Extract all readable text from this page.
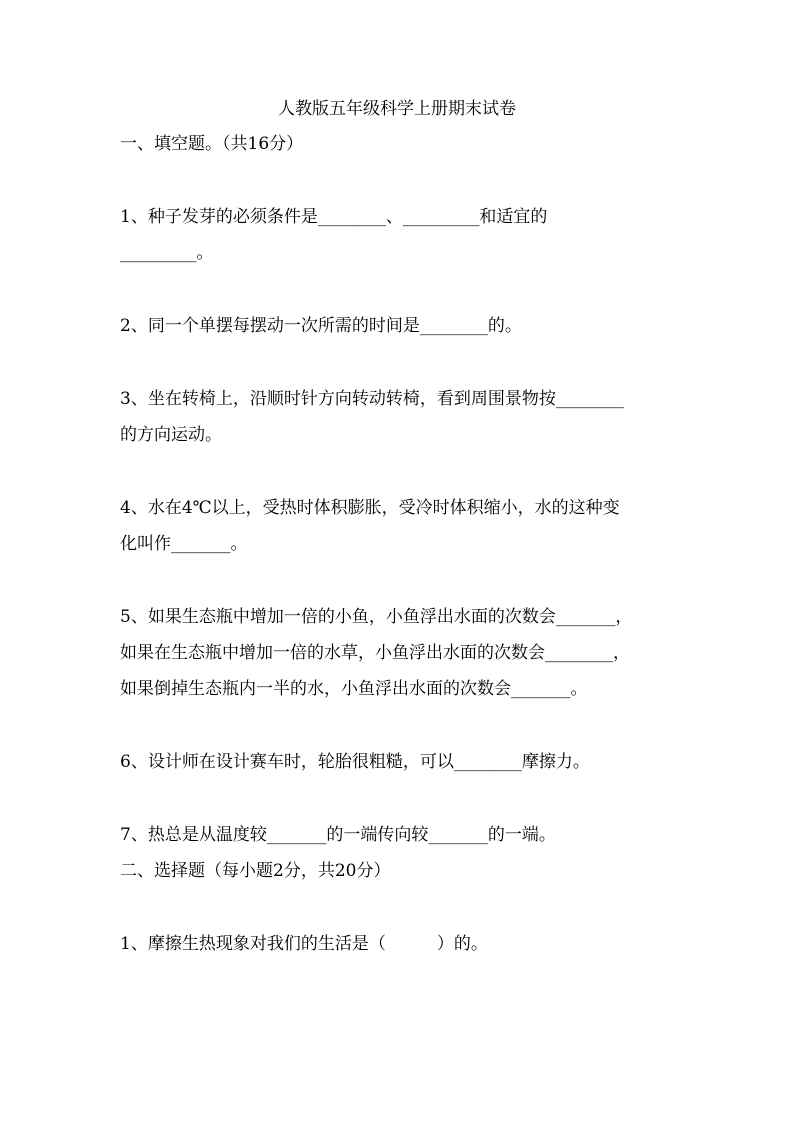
人教版五年级科学上册期末试卷
一、填空题。（共16分）
1、种子发芽的必须条件是________、_________和适宜的
_________。
2、同一个单摆每摆动一次所需的时间是________的。
3、坐在转椅上，沿顺时针方向转动转椅，看到周围景物按________
的方向运动。
4、水在4℃以上，受热时体积膨胀，受冷时体积缩小，水的这种变
化叫作_______。
5、如果生态瓶中增加一倍的小鱼，小鱼浮出水面的次数会_______，
如果在生态瓶中增加一倍的水草，小鱼浮出水面的次数会________，
如果倒掉生态瓶内一半的水，小鱼浮出水面的次数会_______。
6、设计师在设计赛车时，轮胎很粗糙，可以________摩擦力。
7、热总是从温度较_______的一端传向较_______的一端。
二、选择题（每小题2分，共20分）
1、摩擦生热现象对我们的生活是（　　　）的。
